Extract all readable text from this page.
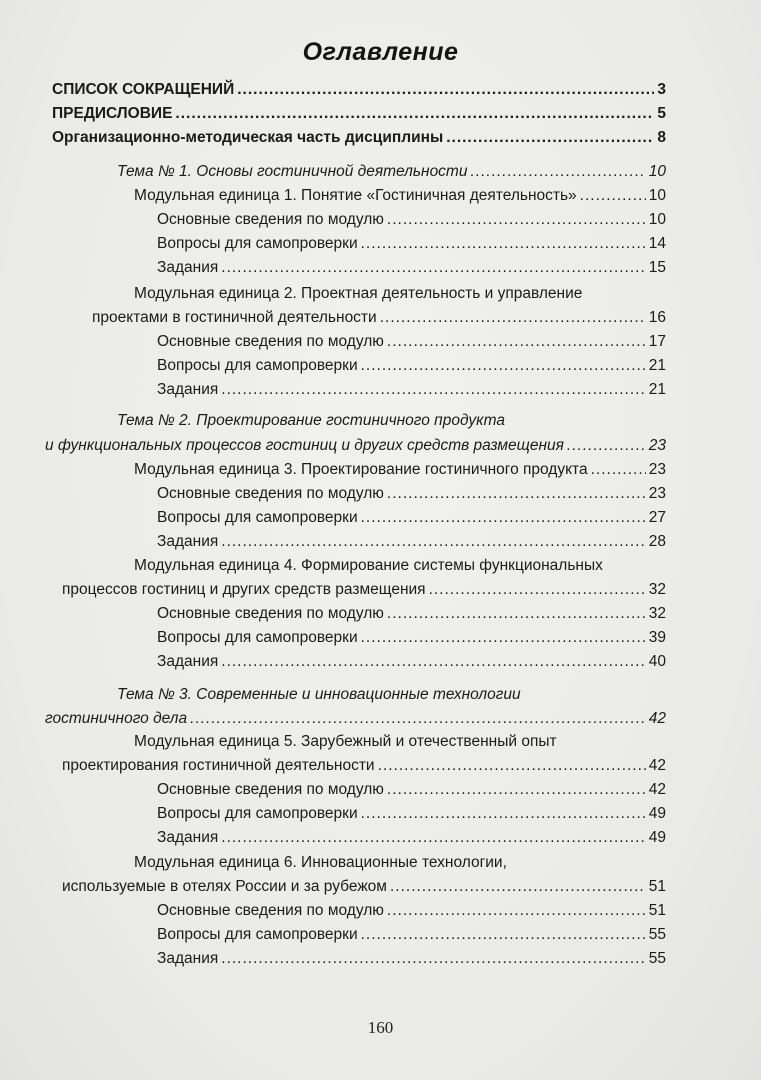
Оглавление
СПИСОК СОКРАЩЕНИЙ .....	3
ПРЕДИСЛОВИЕ .....	5
Организационно-методическая часть дисциплины .....	8
Тема № 1. Основы гостиничной деятельности .....	10
Модульная единица 1. Понятие «Гостиничная деятельность» .....	10
Основные сведения по модулю .....	10
Вопросы для самопроверки .....	14
Задания .....	15
Модульная единица 2. Проектная деятельность и управление
проектами в гостиничной деятельности .....	16
Основные сведения по модулю .....	17
Вопросы для самопроверки .....	21
Задания .....	21
Тема № 2. Проектирование гостиничного продукта
и функциональных процессов гостиниц и других средств размещения .....	23
Модульная единица 3. Проектирование гостиничного продукта .....	23
Основные сведения по модулю .....	23
Вопросы для самопроверки .....	27
Задания .....	28
Модульная единица 4. Формирование системы функциональных
процессов гостиниц и других средств размещения .....	32
Основные сведения по модулю .....	32
Вопросы для самопроверки .....	39
Задания .....	40
Тема № 3. Современные и инновационные технологии
гостиничного дела .....	42
Модульная единица 5. Зарубежный и отечественный опыт
проектирования гостиничной деятельности .....	42
Основные сведения по модулю .....	42
Вопросы для самопроверки .....	49
Задания .....	49
Модульная единица 6. Инновационные технологии,
используемые в отелях России и за рубежом .....	51
Основные сведения по модулю .....	51
Вопросы для самопроверки .....	55
Задания .....	55
160
